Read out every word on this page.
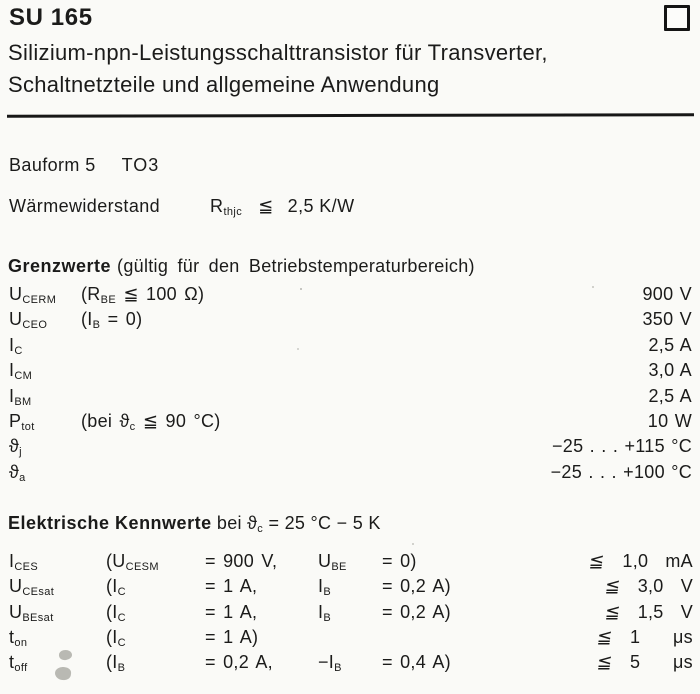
SU 165
Silizium-npn-Leistungsschalttransistor für Transverter,
Schaltnetzteile und allgemeine Anwendung
Bauform 5 TO3
Wärmewiderstand	$R_{thjc}$ ≦ 2,5 K/W
Grenzwerte (gültig für den Betriebstemperaturbereich)
$U_{CERM}$	($R_{BE}$ ≦ 100 Ω)	900 V
$U_{CEO}$	$(I_B = 0)$	350 V
$I_C$	2,5 A
$I_{CM}$	3,0 A
$I_{BM}$	2,5 A
$P_{tot}$	(bei $ϑ_c$ ≦ 90 °C)	10 W
$ϑ_j$	−25 . . . +115 °C
$ϑ_a$	−25 . . . +100 °C
Elektrische Kennwerte bei $ϑ_c = 25$ °C − 5 K
$I_{CES}$	($U_{CESM}$	= 900 V,	$U_{BE}$	= 0)	≦ 1,0 mA
$U_{CEsat}$	($I_C$	= 1 A,	$I_B$	= 0,2 A)	≦ 3,0 V
$U_{BEsat}$	($I_C$	= 1 A,	$I_B$	= 0,2 A)	≦ 1,5 V
$t_{on}$	($I_C$	= 1 A)	≦ 1	μs
$t_{off}$	($I_B$	= 0,2 A,	$-I_B$	= 0,4 A)	≦ 5	μs
